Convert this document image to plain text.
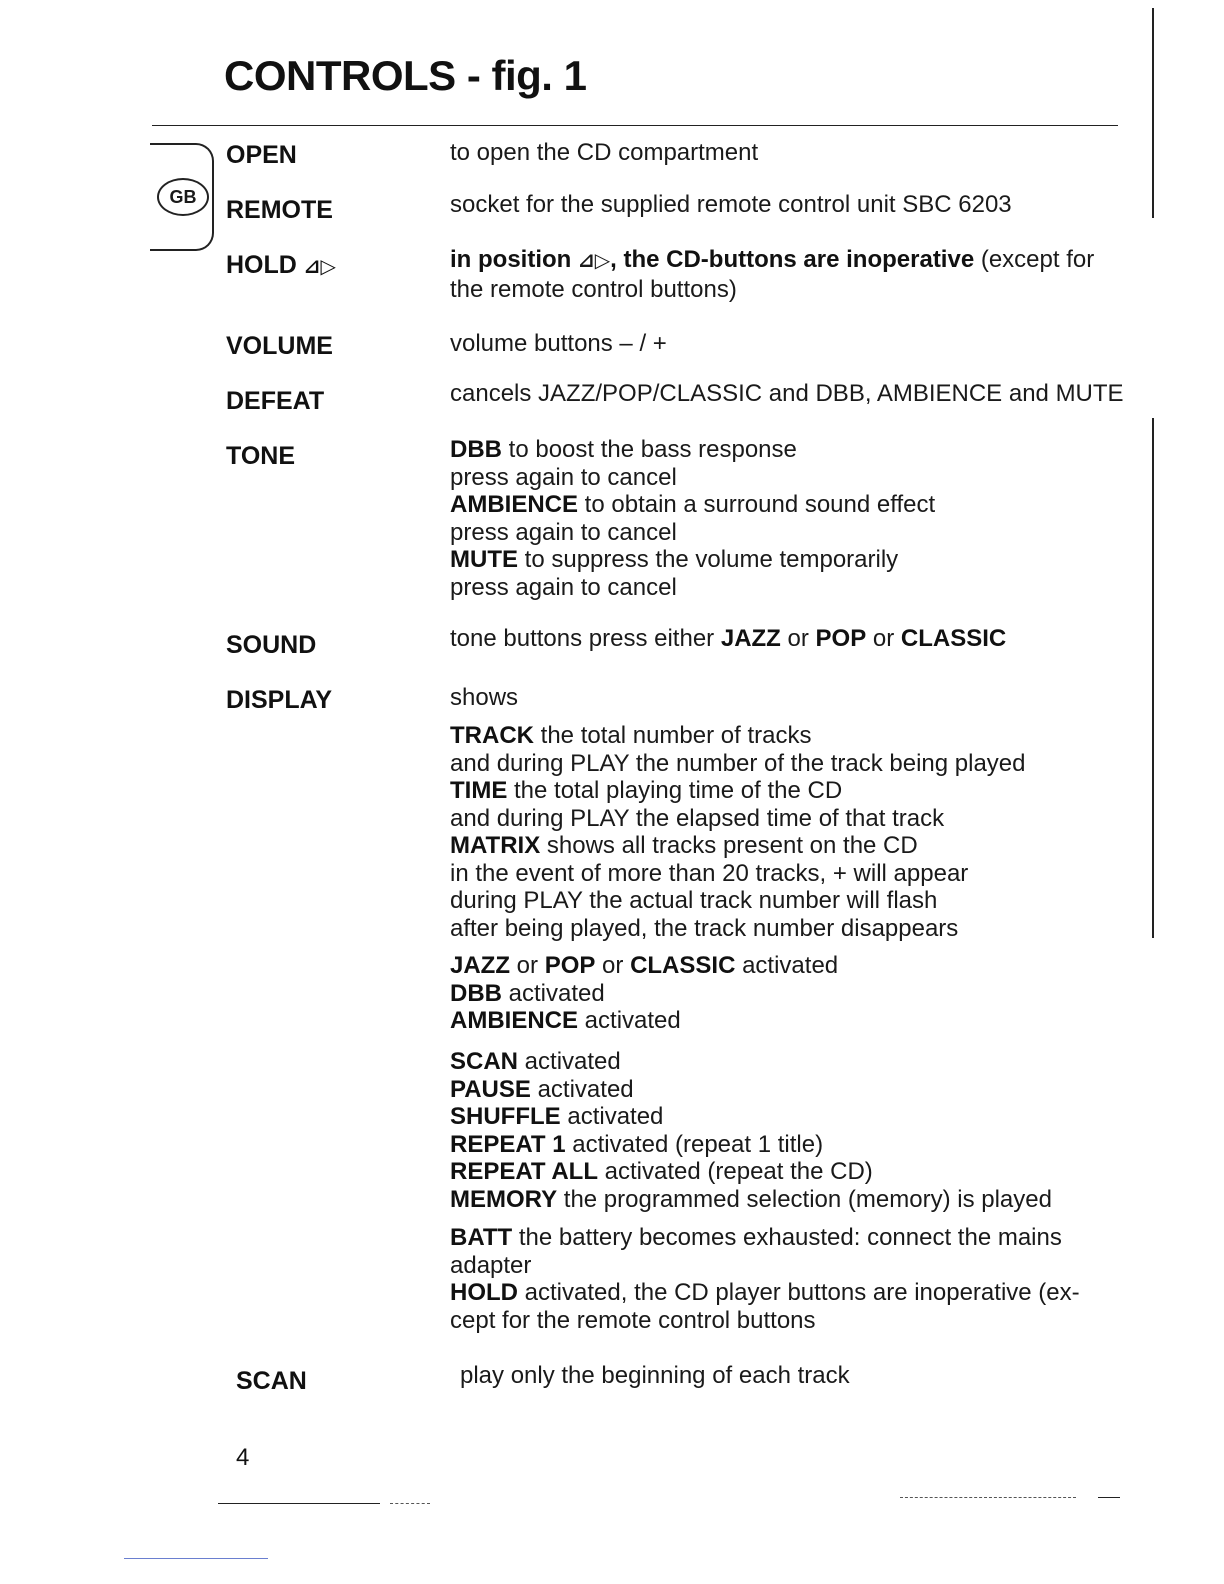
CONTROLS - fig. 1
GB
OPEN	to open the CD compartment
REMOTE	socket for the supplied remote control unit SBC 6203
HOLD ⊿▷	in position ⊿▷, the CD-buttons are inoperative (except for
the remote control buttons)
VOLUME	volume buttons – / +
DEFEAT	cancels JAZZ/POP/CLASSIC and DBB, AMBIENCE and MUTE
TONE	DBB to boost the bass response
press again to cancel
AMBIENCE to obtain a surround sound effect
press again to cancel
MUTE to suppress the volume temporarily
press again to cancel
SOUND	tone buttons press either JAZZ or POP or CLASSIC
DISPLAY	shows
TRACK the total number of tracks
and during PLAY the number of the track being played
TIME the total playing time of the CD
and during PLAY the elapsed time of that track
MATRIX shows all tracks present on the CD
in the event of more than 20 tracks, + will appear
during PLAY the actual track number will flash
after being played, the track number disappears
JAZZ or POP or CLASSIC activated
DBB activated
AMBIENCE activated
SCAN activated
PAUSE activated
SHUFFLE activated
REPEAT 1 activated (repeat 1 title)
REPEAT ALL activated (repeat the CD)
MEMORY the programmed selection (memory) is played
BATT the battery becomes exhausted: connect the mains
adapter
HOLD activated, the CD player buttons are inoperative (ex-
cept for the remote control buttons
SCAN	play only the beginning of each track
4
